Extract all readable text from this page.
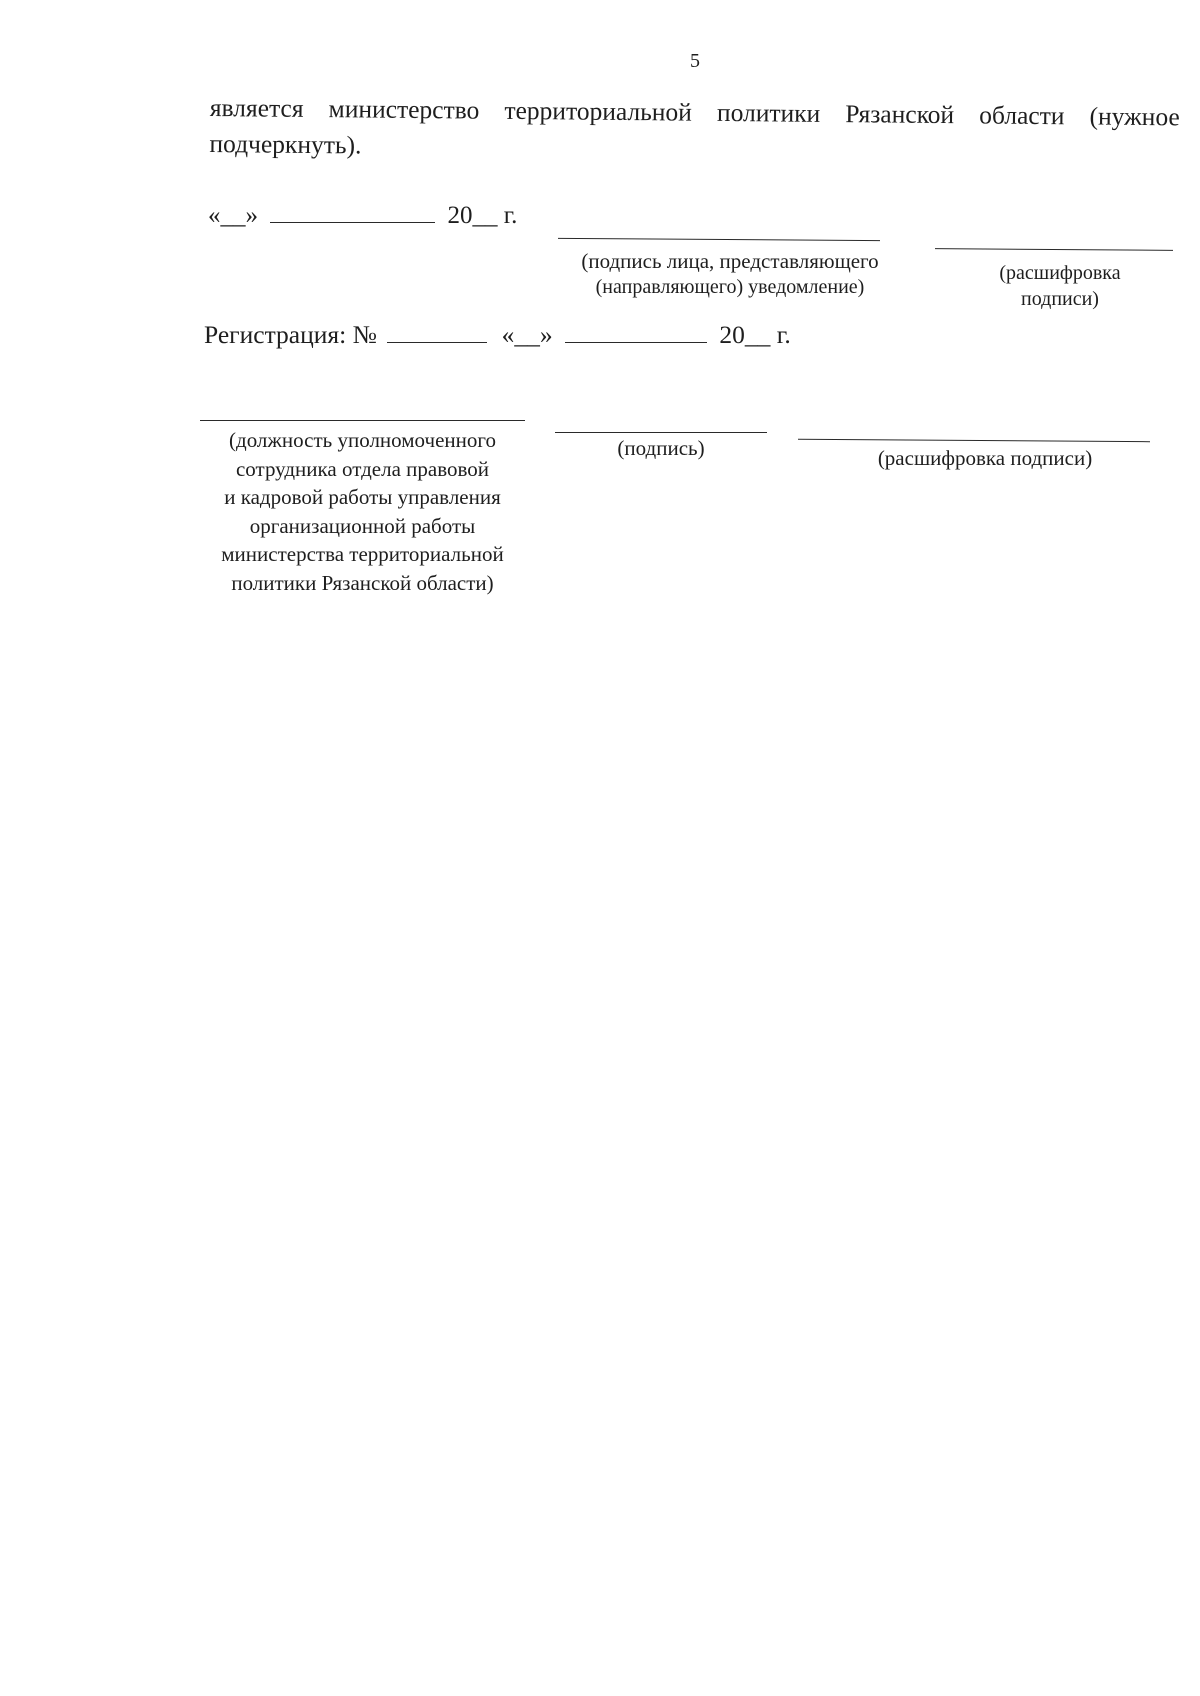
5
является министерство территориальной политики Рязанской области (нужное
подчеркнуть).
«__»	20__ г.
(подпись лица, представляющего
(направляющего) уведомление)
(расшифровка
подписи)
Регистрация: №	«__»	20__ г.
(должность уполномоченного
сотрудника отдела правовой
и кадровой работы управления
организационной работы
министерства территориальной
политики Рязанской области)
(подпись)	(расшифровка подписи)
